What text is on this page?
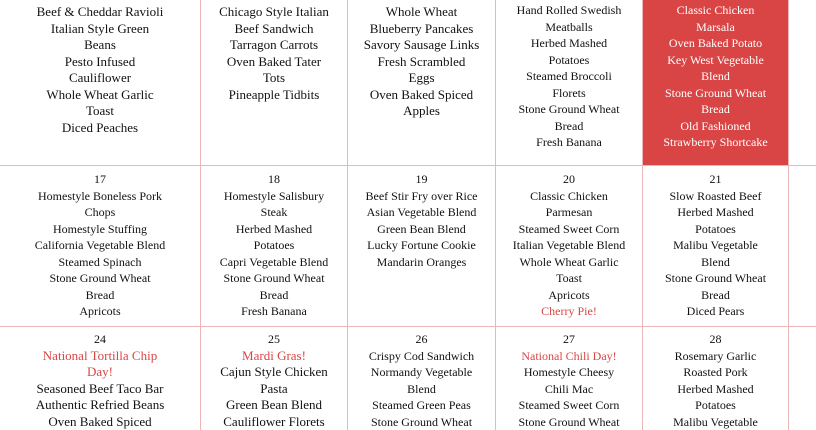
Beef & Cheddar Ravioli
Italian Style Green
Beans
Pesto Infused
Cauliflower
Whole Wheat Garlic
Toast
Diced Peaches
Chicago Style Italian
Beef Sandwich
Tarragon Carrots
Oven Baked Tater
Tots
Pineapple Tidbits
Whole Wheat
Blueberry Pancakes
Savory Sausage Links
Fresh Scrambled
Eggs
Oven Baked Spiced
Apples
Hand Rolled Swedish
Meatballs
Herbed Mashed
Potatoes
Steamed Broccoli
Florets
Stone Ground Wheat
Bread
Fresh Banana
Classic Chicken
Marsala
Oven Baked Potato
Key West Vegetable
Blend
Stone Ground Wheat
Bread
Old Fashioned
Strawberry Shortcake
17
Homestyle Boneless Pork
Chops
Homestyle Stuffing
California Vegetable Blend
Steamed Spinach
Stone Ground Wheat
Bread
Apricots
18
Homestyle Salisbury
Steak
Herbed Mashed
Potatoes
Capri Vegetable Blend
Stone Ground Wheat
Bread
Fresh Banana
19
Beef Stir Fry over Rice
Asian Vegetable Blend
Green Bean Blend
Lucky Fortune Cookie
Mandarin Oranges
20
Classic Chicken
Parmesan
Steamed Sweet Corn
Italian Vegetable Blend
Whole Wheat Garlic
Toast
Apricots
Cherry Pie!
21
Slow Roasted Beef
Herbed Mashed
Potatoes
Malibu Vegetable
Blend
Stone Ground Wheat
Bread
Diced Pears
24
National Tortilla Chip
Day!
Seasoned Beef Taco Bar
Authentic Refried Beans
Oven Baked Spiced
25
Mardi Gras!
Cajun Style Chicken
Pasta
Green Bean Blend
Cauliflower Florets
26
Crispy Cod Sandwich
Normandy Vegetable
Blend
Steamed Green Peas
Stone Ground Wheat
27
National Chili Day!
Homestyle Cheesy
Chili Mac
Steamed Sweet Corn
Stone Ground Wheat
28
Rosemary Garlic
Roasted Pork
Herbed Mashed
Potatoes
Malibu Vegetable
